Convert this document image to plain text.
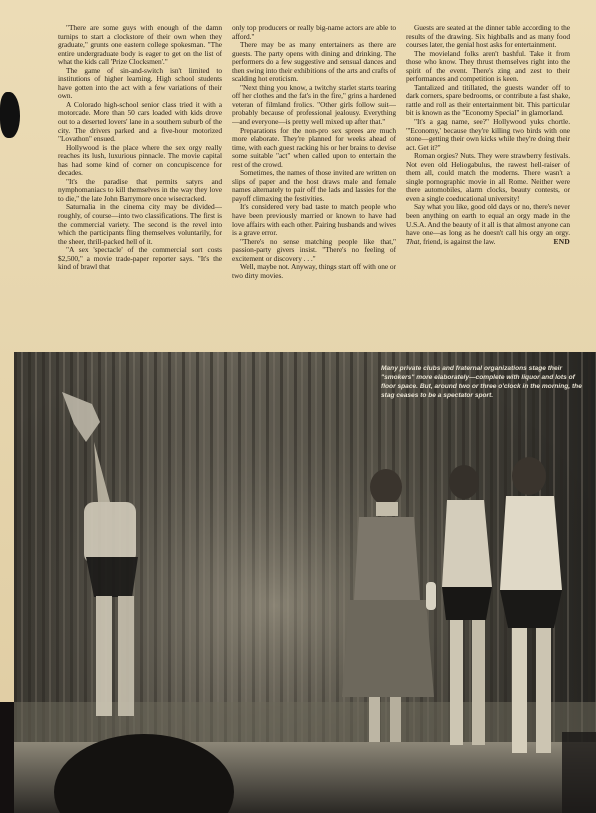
"There are some guys with enough of the damn turnips to start a clockstore of their own when they graduate," grunts one eastern college spokesman. "The entire undergraduate body is eager to get on the list of what the kids call 'Prize Clocksmen'."

The game of sin-and-switch isn't limited to institutions of higher learning. High school students have gotten into the act with a few variations of their own.

A Colorado high-school senior class tried it with a motorcade. More than 50 cars loaded with kids drove out to a deserted lovers' lane in a southern suburb of the city. The drivers parked and a five-hour motorized "Lovathon" ensued.

Hollywood is the place where the sex orgy really reaches its lush, luxurious pinnacle. The movie capital has had some kind of corner on concupiscence for decades.

"It's the paradise that permits satyrs and nymphomaniacs to kill themselves in the way they love to die," the late John Barrymore once wisecracked.

Saturnalia in the cinema city may be divided—roughly, of course—into two classifications. The first is the commercial variety. The second is the revel into which the participants fling themselves voluntarily, for the sheer, thrill-packed hell of it.

"A sex 'spectacle' of the commercial sort costs $2,500," a movie trade-paper reporter says. "It's the kind of brawl that

only top producers or really big-name actors are able to afford."

There may be as many entertainers as there are guests. The party opens with dining and drinking. The performers do a few suggestive and sensual dances and then swing into their exhibitions of the arts and crafts of scalding hot eroticism.

"Next thing you know, a twitchy starlet starts tearing off her clothes and the fat's in the fire," grins a hardened veteran of filmland frolics. "Other girls follow suit—probably because of professional jealousy. Everything—and everyone—is pretty well mixed up after that."

Preparations for the non-pro sex sprees are much more elaborate. They're planned for weeks ahead of time, with each guest racking his or her brains to devise some suitable "act" when called upon to entertain the rest of the crowd.

Sometimes, the names of those invited are written on slips of paper and the host draws male and female names alternately to pair off the lads and lassies for the payoff climaxing the festivities.

It's considered very bad taste to match people who have been previously married or known to have had love affairs with each other. Pairing husbands and wives is a grave error.

"There's no sense matching people like that," passion-party givers insist. "There's no feeling of excitement or discovery . . ."

Well, maybe not. Anyway, things start off with one or two dirty movies.

Guests are seated at the dinner table according to the results of the drawing. Six highballs and as many food courses later, the genial host asks for entertainment.

The movieland folks aren't bashful. Take it from those who know. They thrust themselves right into the spirit of the event. There's zing and zest to their performances and competition is keen.

Tantalized and titillated, the guests wander off to dark corners, spare bedrooms, or contribute a fast shake, rattle and roll as their entertainment bit. This particular bit is known as the "Economy Special" in glamorland.

"It's a gag name, see?" Hollywood yuks chortle. "'Economy,' because they're killing two birds with one stone—getting their own kicks while they're doing their act. Get it?"

Roman orgies? Nuts. They were strawberry festivals. Not even old Heliogabulus, the rawest hell-raiser of them all, could match the moderns. There wasn't a single pornographic movie in all Rome. Neither were there automobiles, alarm clocks, beauty contests, or even a single coeducational university!

Say what you like, good old days or no, there's never been anything on earth to equal an orgy made in the U.S.A. And the beauty of it all is that almost anyone can have one—as long as he doesn't call his orgy an orgy. That, friend, is against the law.	END

Many private clubs and fraternal organizations stage their "smokers" more elaborately—complete with liquor and lots of floor space. But, around two or three o'clock in the morning, the stag ceases to be a spectator sport.
